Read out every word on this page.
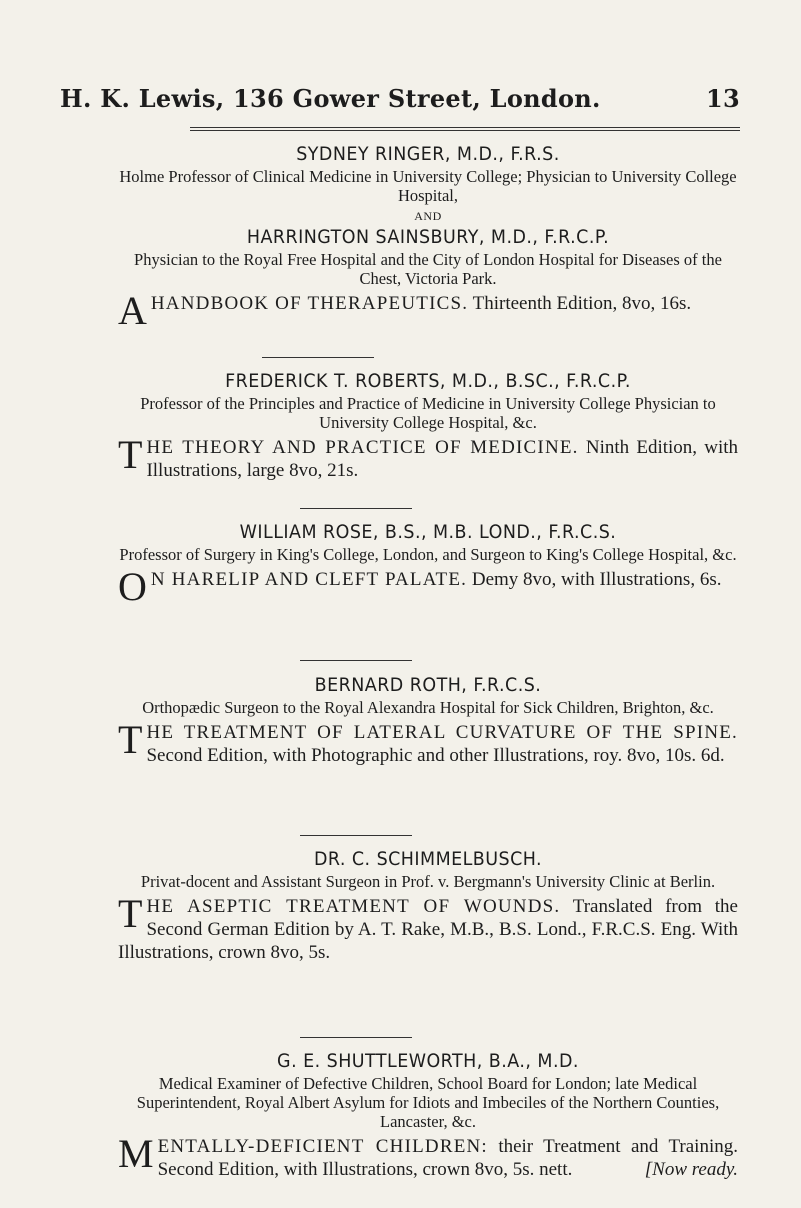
H. K. Lewis, 136 Gower Street, London.	13
SYDNEY RINGER, M.D., F.R.S.

Holme Professor of Clinical Medicine in University College; Physician to University College Hospital,

AND

HARRINGTON SAINSBURY, M.D., F.R.C.P.

Physician to the Royal Free Hospital and the City of London Hospital for Diseases of the Chest, Victoria Park.

A HANDBOOK OF THERAPEUTICS. Thirteenth Edition, 8vo, 16s.

FREDERICK T. ROBERTS, M.D., B.SC., F.R.C.P.

Professor of the Principles and Practice of Medicine in University College Physician to University College Hospital, &c.

T HE THEORY AND PRACTICE OF MEDICINE. Ninth Edition, with Illustrations, large 8vo, 21s.

WILLIAM ROSE, B.S., M.B. LOND., F.R.C.S.

Professor of Surgery in King's College, London, and Surgeon to King's College Hospital, &c.

O N HARELIP AND CLEFT PALATE. Demy 8vo, with Illustrations, 6s.

BERNARD ROTH, F.R.C.S.

Orthopædic Surgeon to the Royal Alexandra Hospital for Sick Children, Brighton, &c.

T HE TREATMENT OF LATERAL CURVATURE OF THE SPINE. Second Edition, with Photographic and other Illustrations, roy. 8vo, 10s. 6d.

DR. C. SCHIMMELBUSCH.

Privat-docent and Assistant Surgeon in Prof. v. Bergmann's University Clinic at Berlin.

T HE ASEPTIC TREATMENT OF WOUNDS. Translated from the Second German Edition by A. T. Rake, M.B., B.S. Lond., F.R.C.S. Eng. With Illustrations, crown 8vo, 5s.

G. E. SHUTTLEWORTH, B.A., M.D.

Medical Examiner of Defective Children, School Board for London; late Medical Superintendent, Royal Albert Asylum for Idiots and Imbeciles of the Northern Counties, Lancaster, &c.

M ENTALLY-DEFICIENT CHILDREN: their Treatment and Training. Second Edition, with Illustrations, crown 8vo, 5s. nett.	[Now ready.
